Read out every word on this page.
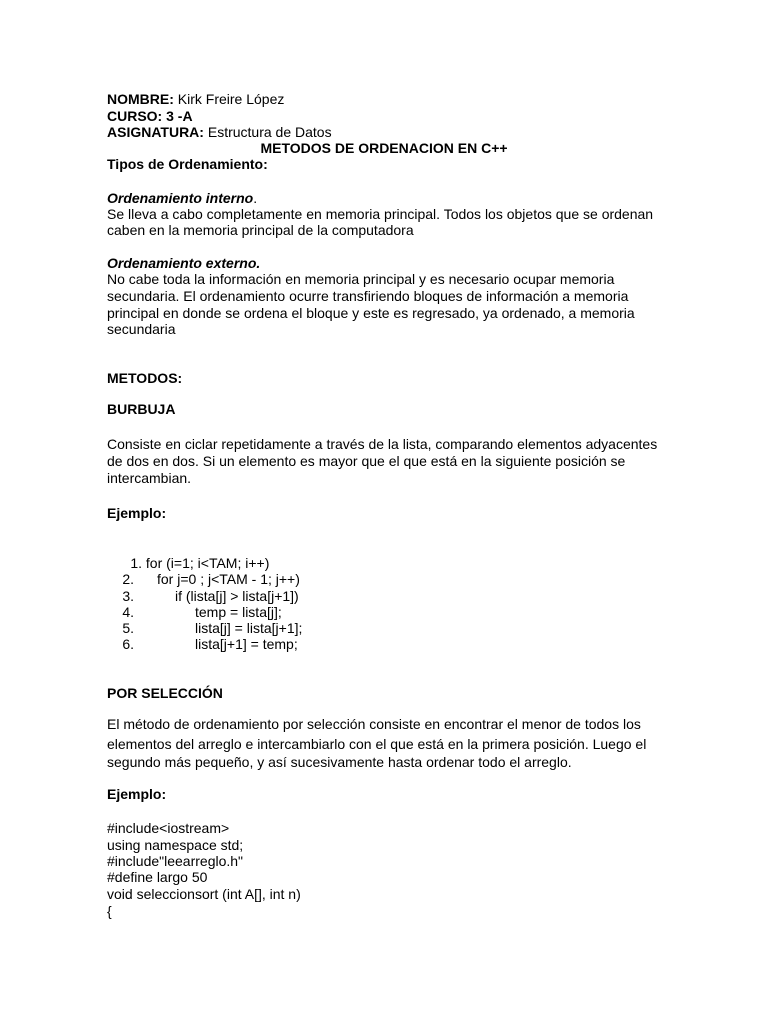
NOMBRE: Kirk Freire López
CURSO: 3 -A
ASIGNATURA: Estructura de Datos
METODOS DE ORDENACION EN C++
Tipos de Ordenamiento:
Ordenamiento interno.
Se lleva a cabo completamente en memoria principal. Todos los objetos que se ordenan
caben en la memoria principal de la computadora
Ordenamiento externo.
No cabe toda la información en memoria principal y es necesario ocupar memoria
secundaria. El ordenamiento ocurre transfiriendo bloques de información a memoria
principal en donde se ordena el bloque y este es regresado, ya ordenado, a memoria
secundaria
METODOS:
BURBUJA
Consiste en ciclar repetidamente a través de la lista, comparando elementos adyacentes
de dos en dos. Si un elemento es mayor que el que está en la siguiente posición se
intercambian.
Ejemplo:

1. for (i=1; i<TAM; i++)

2. for j=0 ; j<TAM - 1; j++)

3.	if (lista[j] > lista[j+1])

4.	temp = lista[j];

5.	lista[j] = lista[j+1];

6.	lista[j+1] = temp;

POR SELECCIÓN
El método de ordenamiento por selección consiste en encontrar el menor de todos los
elementos del arreglo e intercambiarlo con el que está en la primera posición. Luego el
segundo más pequeño, y así sucesivamente hasta ordenar todo el arreglo.
Ejemplo:
#include<iostream>
using namespace std;
#include"leearreglo.h"
#define largo 50
void seleccionsort (int A[], int n)
{
